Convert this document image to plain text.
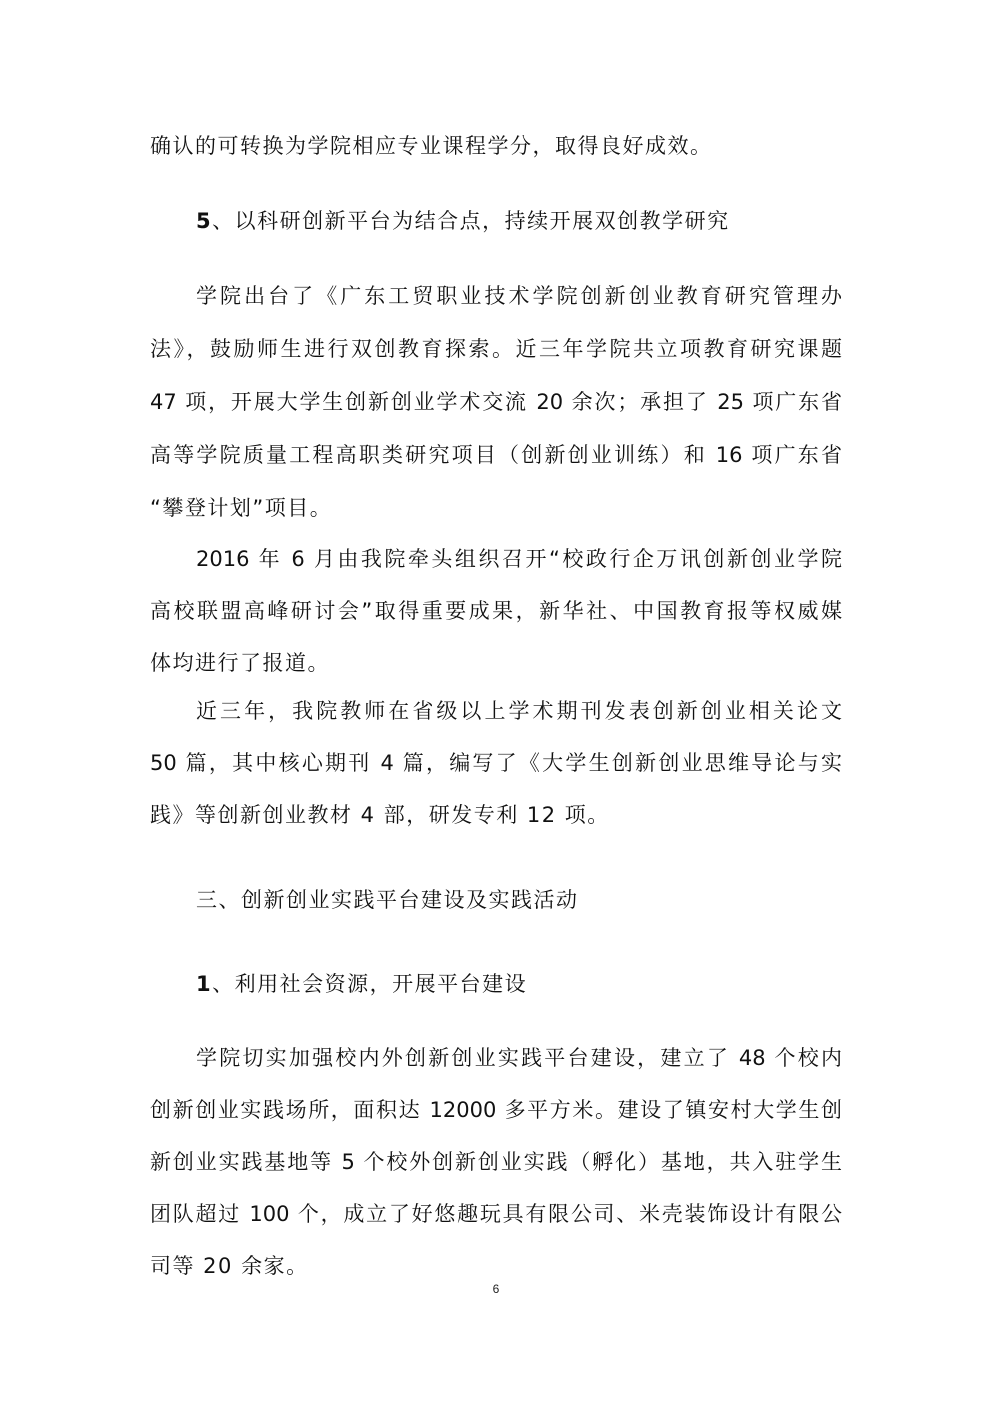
确认的可转换为学院相应专业课程学分，取得良好成效。
5、以科研创新平台为结合点，持续开展双创教学研究
学院出台了《广东工贸职业技术学院创新创业教育研究管理办
法》，鼓励师生进行双创教育探索。近三年学院共立项教育研究课题
47 项，开展大学生创新创业学术交流 20 余次；承担了 25 项广东省
高等学院质量工程高职类研究项目（创新创业训练）和 16 项广东省
“攀登计划”项目。
2016 年 6 月由我院牵头组织召开“校政行企万讯创新创业学院
高校联盟高峰研讨会”取得重要成果，新华社、中国教育报等权威媒
体均进行了报道。
近三年，我院教师在省级以上学术期刊发表创新创业相关论文
50 篇，其中核心期刊 4 篇，编写了《大学生创新创业思维导论与实
践》等创新创业教材 4 部，研发专利 12 项。
三、创新创业实践平台建设及实践活动
1、利用社会资源，开展平台建设
学院切实加强校内外创新创业实践平台建设，建立了 48 个校内
创新创业实践场所，面积达 12000 多平方米。建设了镇安村大学生创
新创业实践基地等 5 个校外创新创业实践（孵化）基地，共入驻学生
团队超过 100 个，成立了好悠趣玩具有限公司、米壳装饰设计有限公
司等 20 余家。
6
